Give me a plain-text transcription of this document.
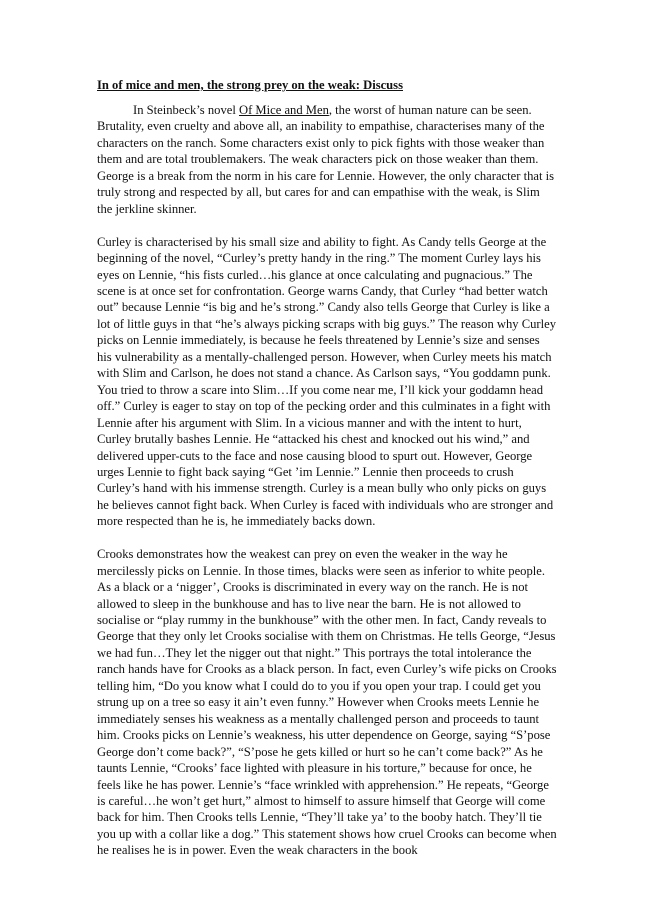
In of mice and men, the strong prey on the weak: Discuss

In Steinbeck’s novel Of Mice and Men, the worst of human nature can be seen. Brutality, even cruelty and above all, an inability to empathise, characterises many of the characters on the ranch. Some characters exist only to pick fights with those weaker than them and are total troublemakers. The weak characters pick on those weaker than them. George is a break from the norm in his care for Lennie. However, the only character that is truly strong and respected by all, but cares for and can empathise with the weak, is Slim the jerkline skinner.

Curley is characterised by his small size and ability to fight. As Candy tells George at the beginning of the novel, “Curley’s pretty handy in the ring.” The moment Curley lays his eyes on Lennie, “his fists curled…his glance at once calculating and pugnacious.” The scene is at once set for confrontation. George warns Candy, that Curley “had better watch out” because Lennie “is big and he’s strong.” Candy also tells George that Curley is like a lot of little guys in that “he’s always picking scraps with big guys.” The reason why Curley picks on Lennie immediately, is because he feels threatened by Lennie’s size and senses his vulnerability as a mentally-challenged person. However, when Curley meets his match with Slim and Carlson, he does not stand a chance. As Carlson says, “You goddamn punk. You tried to throw a scare into Slim…If you come near me, I’ll kick your goddamn head off.” Curley is eager to stay on top of the pecking order and this culminates in a fight with Lennie after his argument with Slim. In a vicious manner and with the intent to hurt, Curley brutally bashes Lennie. He “attacked his chest and knocked out his wind,” and delivered upper-cuts to the face and nose causing blood to spurt out. However, George urges Lennie to fight back saying “Get ’im Lennie.” Lennie then proceeds to crush Curley’s hand with his immense strength. Curley is a mean bully who only picks on guys he believes cannot fight back. When Curley is faced with individuals who are stronger and more respected than he is, he immediately backs down.

Crooks demonstrates how the weakest can prey on even the weaker in the way he mercilessly picks on Lennie. In those times, blacks were seen as inferior to white people. As a black or a ‘nigger’, Crooks is discriminated in every way on the ranch. He is not allowed to sleep in the bunkhouse and has to live near the barn. He is not allowed to socialise or “play rummy in the bunkhouse” with the other men. In fact, Candy reveals to George that they only let Crooks socialise with them on Christmas. He tells George, “Jesus we had fun…They let the nigger out that night.” This portrays the total intolerance the ranch hands have for Crooks as a black person. In fact, even Curley’s wife picks on Crooks telling him, “Do you know what I could do to you if you open your trap. I could get you strung up on a tree so easy it ain’t even funny.” However when Crooks meets Lennie he immediately senses his weakness as a mentally challenged person and proceeds to taunt him. Crooks picks on Lennie’s weakness, his utter dependence on George, saying “S’pose George don’t come back?”, “S’pose he gets killed or hurt so he can’t come back?” As he taunts Lennie, “Crooks’ face lighted with pleasure in his torture,” because for once, he feels like he has power. Lennie’s “face wrinkled with apprehension.” He repeats, “George is careful…he won’t get hurt,” almost to himself to assure himself that George will come back for him. Then Crooks tells Lennie, “They’ll take ya’ to the booby hatch. They’ll tie you up with a collar like a dog.” This statement shows how cruel Crooks can become when he realises he is in power. Even the weak characters in the book
